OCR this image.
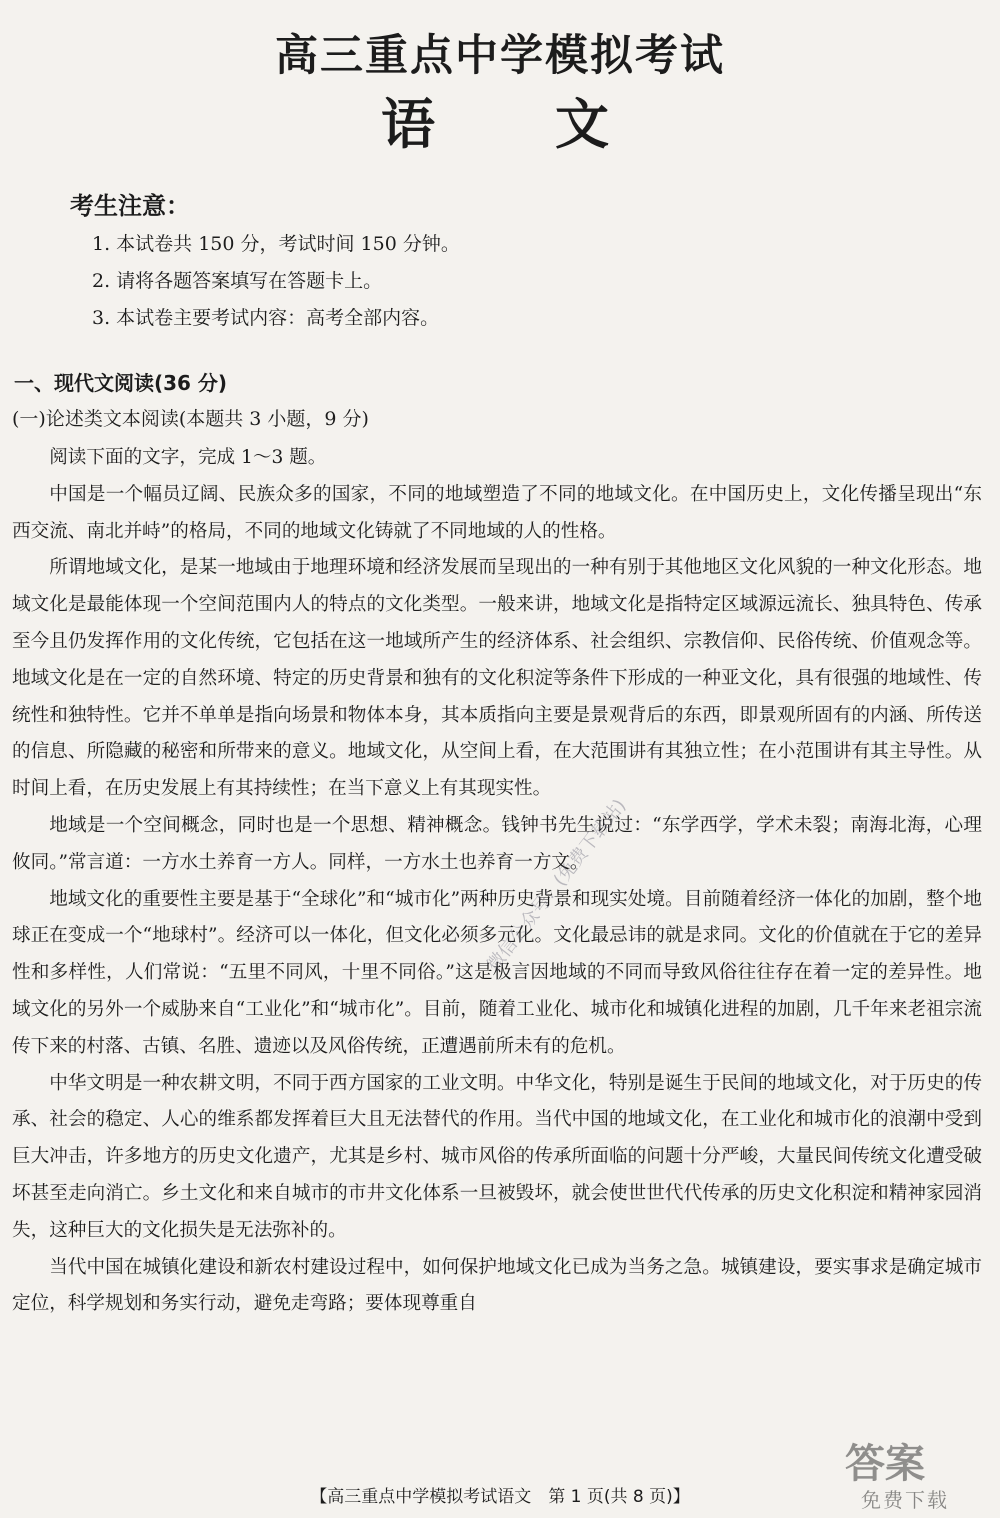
高三重点中学模拟考试
语文
考生注意：
1. 本试卷共 150 分，考试时间 150 分钟。
2. 请将各题答案填写在答题卡上。
3. 本试卷主要考试内容：高考全部内容。
一、现代文阅读(36 分)
(一)论述类文本阅读(本题共 3 小题，9 分)

阅读下面的文字，完成 1～3 题。

中国是一个幅员辽阔、民族众多的国家，不同的地域塑造了不同的地域文化。在中国历史上，文化传播呈现出“东西交流、南北并峙”的格局，不同的地域文化铸就了不同地域的人的性格。

所谓地域文化，是某一地域由于地理环境和经济发展而呈现出的一种有别于其他地区文化风貌的一种文化形态。地域文化是最能体现一个空间范围内人的特点的文化类型。一般来讲，地域文化是指特定区域源远流长、独具特色、传承至今且仍发挥作用的文化传统，它包括在这一地域所产生的经济体系、社会组织、宗教信仰、民俗传统、价值观念等。地域文化是在一定的自然环境、特定的历史背景和独有的文化积淀等条件下形成的一种亚文化，具有很强的地域性、传统性和独特性。它并不单单是指向场景和物体本身，其本质指向主要是景观背后的东西，即景观所固有的内涵、所传送的信息、所隐藏的秘密和所带来的意义。地域文化，从空间上看，在大范围讲有其独立性；在小范围讲有其主导性。从时间上看，在历史发展上有其持续性；在当下意义上有其现实性。

地域是一个空间概念，同时也是一个思想、精神概念。钱钟书先生说过：“东学西学，学术未裂；南海北海，心理攸同。”常言道：一方水土养育一方人。同样，一方水土也养育一方文。

地域文化的重要性主要是基于“全球化”和“城市化”两种历史背景和现实处境。目前随着经济一体化的加剧，整个地球正在变成一个“地球村”。经济可以一体化，但文化必须多元化。文化最忌讳的就是求同。文化的价值就在于它的差异性和多样性，人们常说：“五里不同风，十里不同俗。”这是极言因地域的不同而导致风俗往往存在着一定的差异性。地域文化的另外一个威胁来自“工业化”和“城市化”。目前，随着工业化、城市化和城镇化进程的加剧，几千年来老祖宗流传下来的村落、古镇、名胜、遗迹以及风俗传统，正遭遇前所未有的危机。

中华文明是一种农耕文明，不同于西方国家的工业文明。中华文化，特别是诞生于民间的地域文化，对于历史的传承、社会的稳定、人心的维系都发挥着巨大且无法替代的作用。当代中国的地域文化，在工业化和城市化的浪潮中受到巨大冲击，许多地方的历史文化遗产，尤其是乡村、城市风俗的传承所面临的问题十分严峻，大量民间传统文化遭受破坏甚至走向消亡。乡土文化和来自城市的市井文化体系一旦被毁坏，就会使世世代代传承的历史文化积淀和精神家园消失，这种巨大的文化损失是无法弥补的。

当代中国在城镇化建设和新农村建设过程中，如何保护地域文化已成为当务之急。城镇建设，要实事求是确定城市定位，科学规划和务实行动，避免走弯路；要体现尊重自

微信公众号：(免费下载站)
答案
免费下载
【高三重点中学模拟考试语文　第 1 页(共 8 页)】
